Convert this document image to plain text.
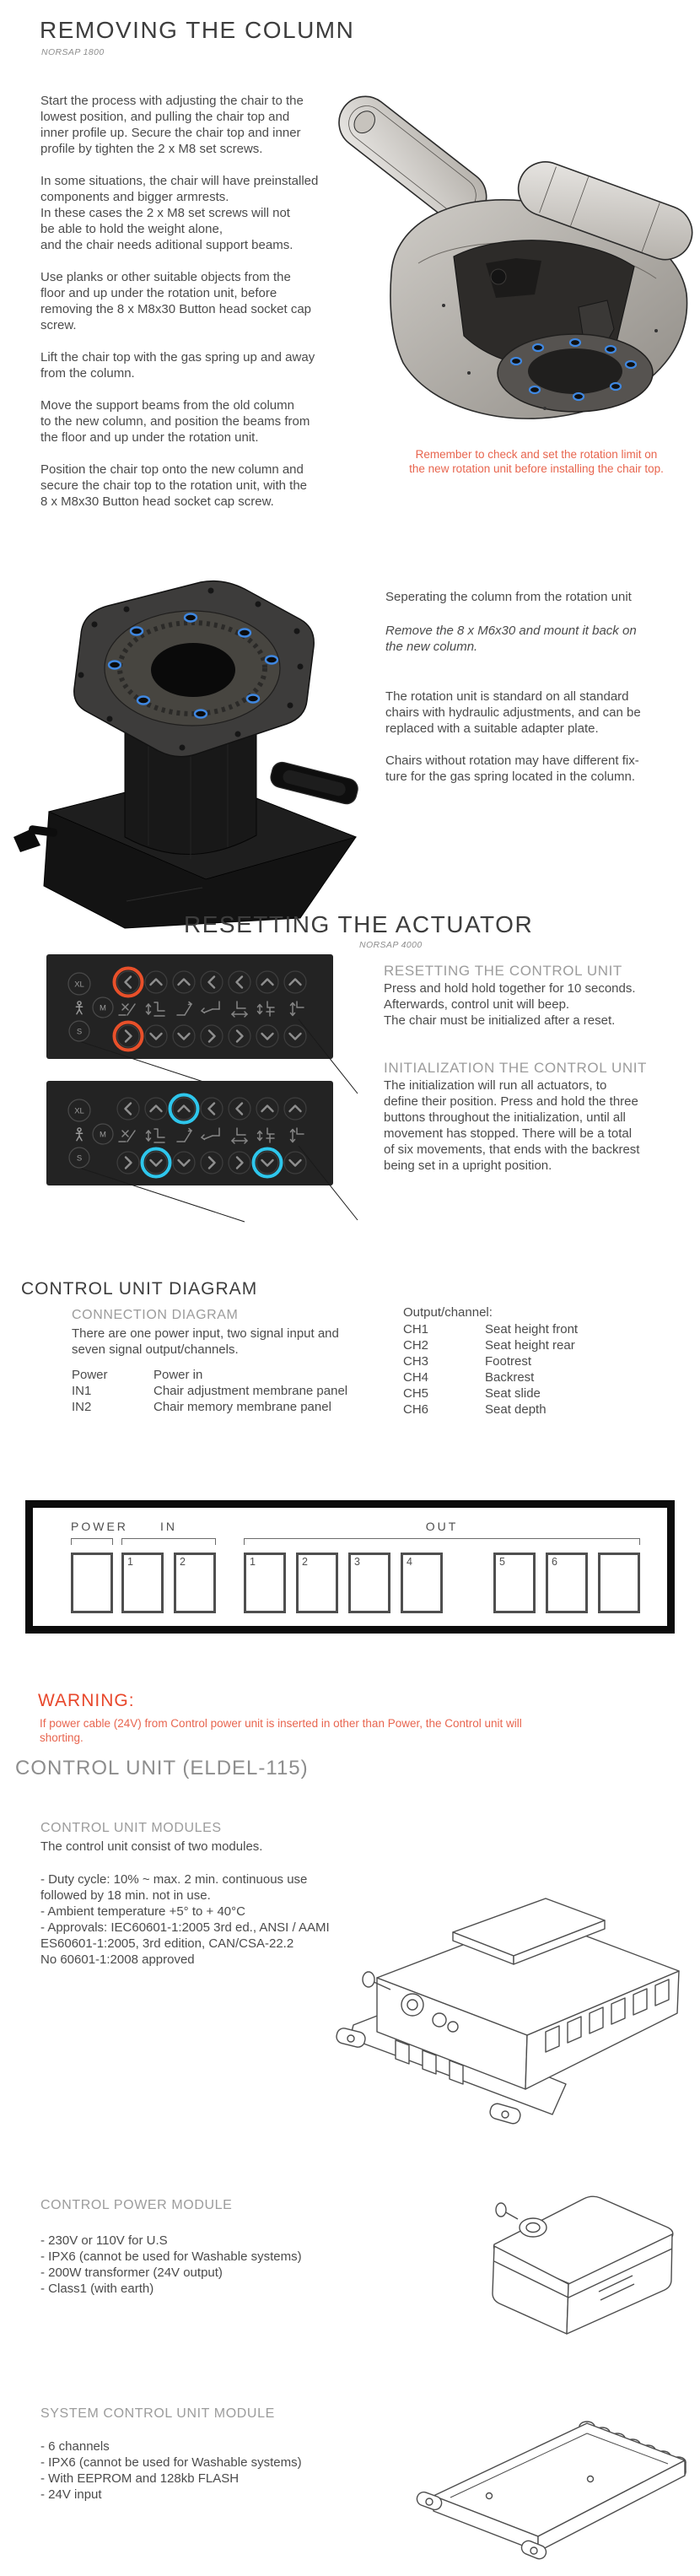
REMOVING THE COLUMN
NORSAP 1800
Start the process with adjusting the chair to the
lowest position, and pulling the chair top and
inner profile up. Secure the chair top and inner
profile by tighten the 2 x M8 set screws.
In some situations, the chair will have preinstalled
components and bigger armrests.
In these cases the 2 x M8 set screws will not
be able to hold the weight alone,
and the chair needs aditional support beams.
Use planks or other suitable objects from the
floor and up under the rotation unit, before
removing the 8 x M8x30 Button head socket cap
screw.
Lift the chair top with the gas spring up and away
from the column.
Move the support beams from the old column
to the new column, and position the beams from
the floor and up under the rotation unit.
Position the chair top onto the new column and
secure the chair top to the rotation unit, with the
8 x M8x30 Button head socket cap screw.
Remember to check and set the rotation limit on
the new rotation unit before installing the chair top.
Seperating the column from the rotation unit
Remove the 8 x M6x30 and mount it back on
the new column.
The rotation unit is standard on all standard
chairs with hydraulic adjustments, and can be
replaced with a suitable adapter plate.
Chairs without rotation may have different fix-
ture for the gas spring located in the column.
RESETTING THE ACTUATOR
NORSAP 4000
XL
M
S
XL
M
S
RESETTING THE CONTROL UNIT
Press and hold hold together for 10 seconds.
Afterwards, control unit will beep.
The chair must be initialized after a reset.
INITIALIZATION THE CONTROL UNIT
The initialization will run all actuators, to
define their position. Press and hold the three
buttons throughout the initialization, until all
movement has stopped. There will be a total
of six movements, that ends with the backrest
being set in a upright position.
CONTROL UNIT DIAGRAM
CONNECTION DIAGRAM
There are one power input, two signal input and
seven signal output/channels.
Power	Power in
IN1	Chair adjustment membrane panel
IN2	Chair memory membrane panel
Output/channel:
CH1	Seat height front
CH2	Seat height rear
CH3	Footrest
CH4	Backrest
CH5	Seat slide
CH6	Seat depth
POWER	IN
1	2
OUT
1	2	3	4	5	6
WARNING:
If power cable (24V) from Control power unit is inserted in other than Power, the Control unit will
shorting.
CONTROL UNIT (ELDEL-115)
CONTROL UNIT MODULES
The control unit consist of two modules.
- Duty cycle: 10% ~ max. 2 min. continuous use
followed by 18 min. not in use.
- Ambient temperature +5° to + 40°C
- Approvals: IEC60601-1:2005 3rd ed., ANSI / AAMI
ES60601-1:2005, 3rd edition, CAN/CSA-22.2
No 60601-1:2008 approved
CONTROL POWER MODULE
- 230V or 110V for U.S
- IPX6 (cannot be used for Washable systems)
- 200W transformer (24V output)
- Class1 (with earth)
SYSTEM CONTROL UNIT MODULE
- 6 channels
- IPX6 (cannot be used for Washable systems)
- With EEPROM and 128kb FLASH
- 24V input
